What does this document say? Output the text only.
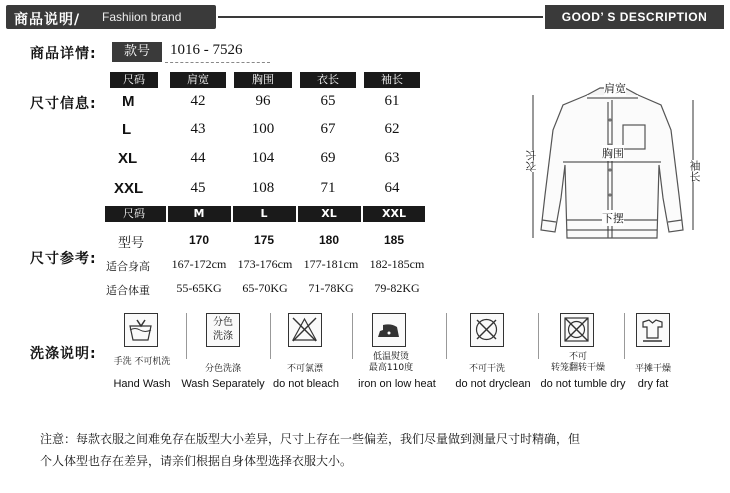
商品说明/ Fashiion brand	GOOD’ S DESCRIPTION
商品详情:	款号	1016 - 7526
尺寸信息:
尺码	肩宽	胸围	衣长	袖长
M	42	96	65	61
L	43	100	67	62
XL	44	104	69	63
XXL	45	108	71	64
尺码	M	L	XL	XXL
尺寸参考:
型号	170	175	180	185
适合身高	167-172cm 173-176cm 177-181cm 182-185cm
适合体重	55-65KG	65-70KG	71-78KG	79-82KG
肩宽
胸围
下摆
衣长	袖长
洗涤说明:	手洗 不可机洗
Hand Wash
分色
洗涤
分色洗涤
Wash Separately
不可氯漂
do not bleach
低温熨烫
最高110度
iron on low heat
不可干洗
do not dryclean
不可
转笼翻转干燥
do not tumble dry
平摊干燥
dry fat
注意：每款衣服之间难免存在版型大小差异，尺寸上存在一些偏差，我们尽量做到测量尺寸时精确，但
个人体型也存在差异，请亲们根据自身体型选择衣服大小。
